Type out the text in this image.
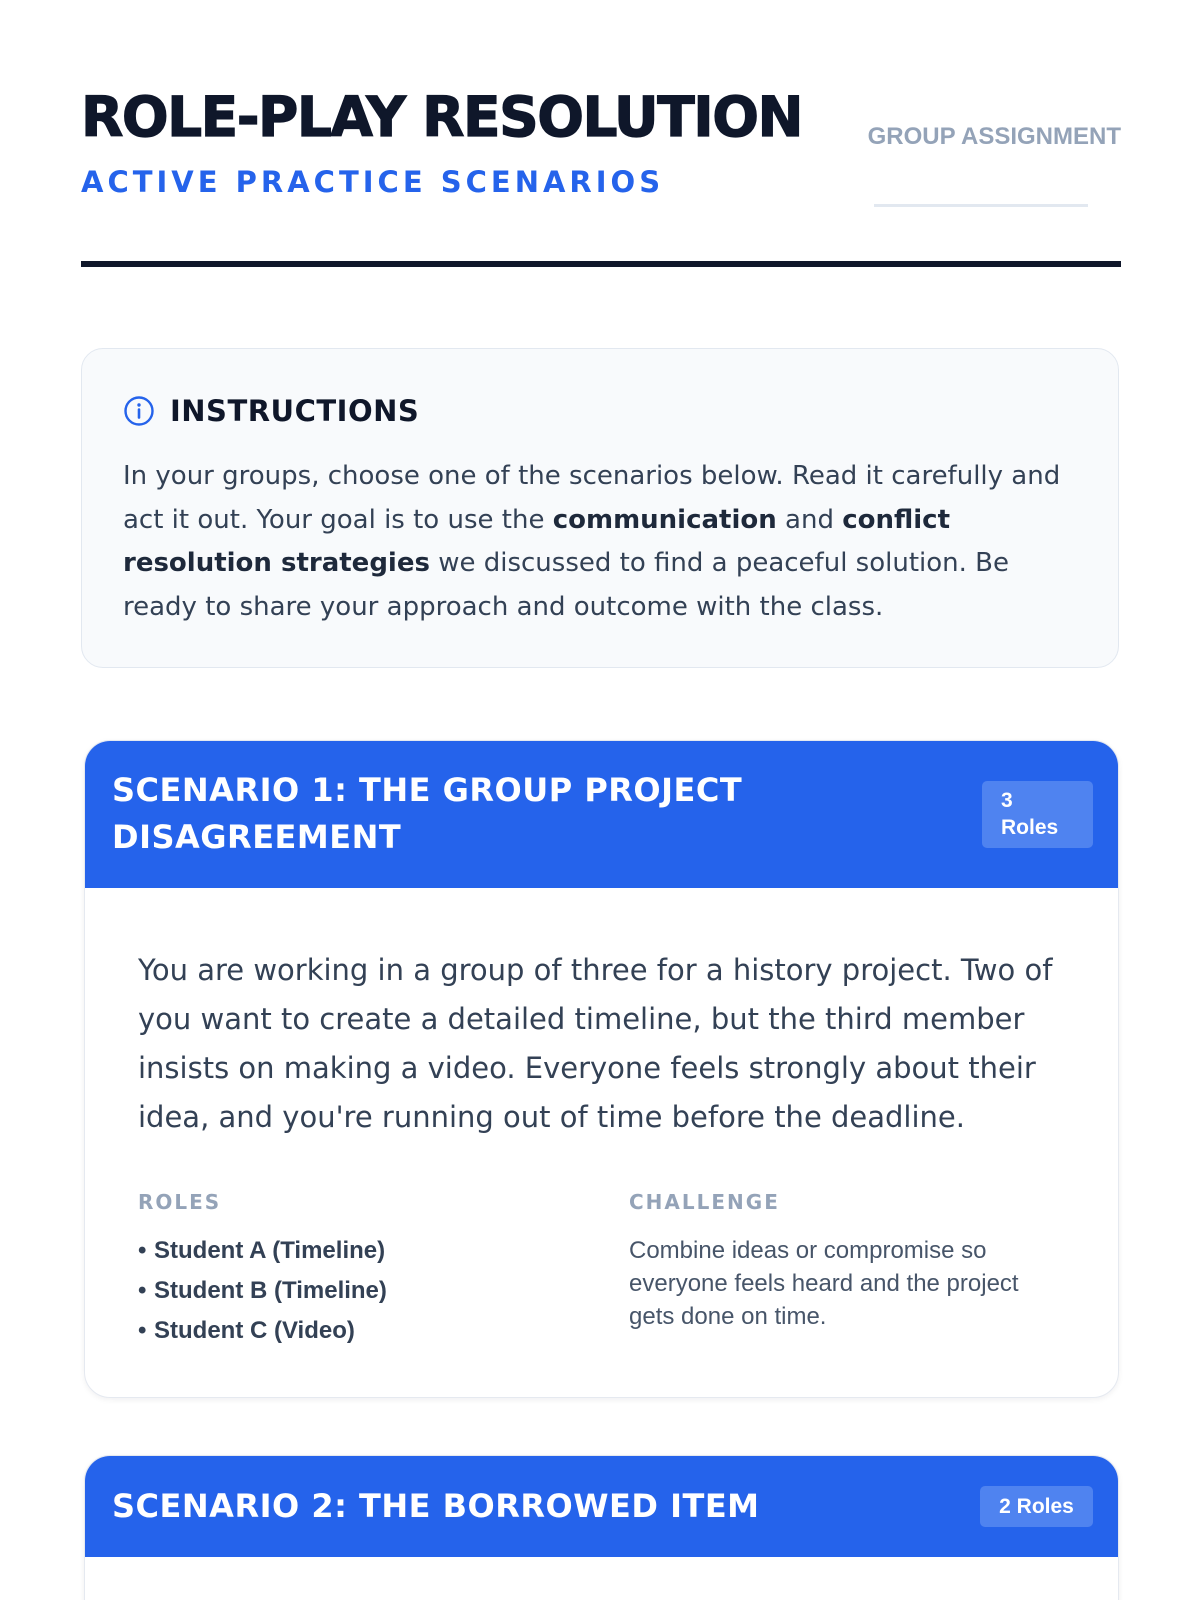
ROLE-PLAY RESOLUTION
ACTIVE PRACTICE SCENARIOS
GROUP ASSIGNMENT
INSTRUCTIONS

In your groups, choose one of the scenarios below. Read it carefully and act it out. Your goal is to use the communication and conflict resolution strategies we discussed to find a peaceful solution. Be ready to share your approach and outcome with the class.

SCENARIO 1: THE GROUP PROJECT DISAGREEMENT
3
Roles

You are working in a group of three for a history project. Two of you want to create a detailed timeline, but the third member insists on making a video. Everyone feels strongly about their idea, and you're running out of time before the deadline.

ROLES
• Student A (Timeline)
• Student B (Timeline)
• Student C (Video)
CHALLENGE

Combine ideas or compromise so everyone feels heard and the project gets done on time.

SCENARIO 2: THE BORROWED ITEM	2 Roles
